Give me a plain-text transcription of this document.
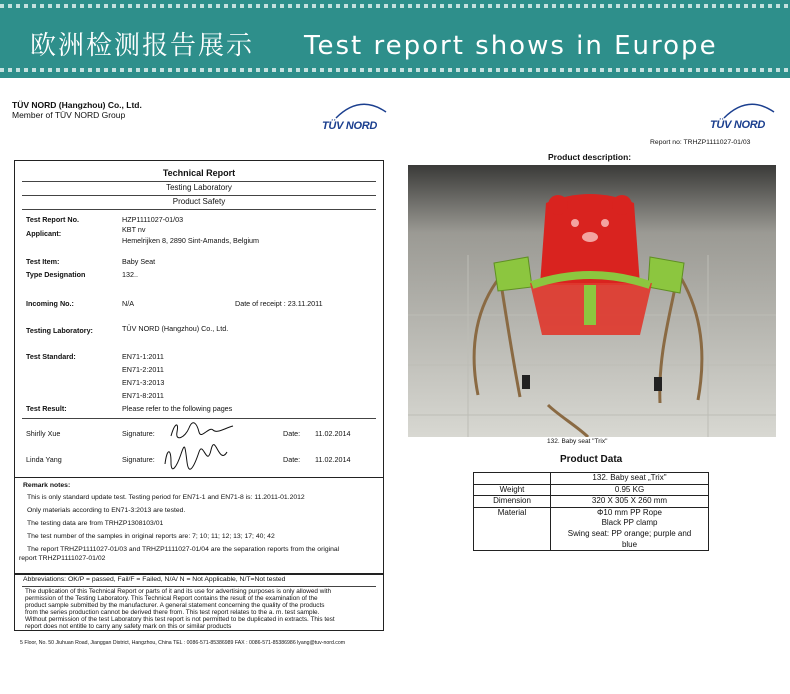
欧洲检测报告展示 Test report shows in Europe
TÜV NORD (Hangzhou) Co., Ltd.
Member of TÜV NORD Group
TÜV NORD	TÜV NORD
Report no: TRHZP1111027-01/03
Product description:
Technical Report
Testing Laboratory
Product Safety
Test Report No.	HZP1111027-01/03
Applicant:	KBT nv
Hemelrijken 8, 2890 Sint-Amands, Belgium
Test Item:	Baby Seat
Type Designation	132..
Incoming No.:	N/A	Date of receipt : 23.11.2011
Testing Laboratory:	TÜV NORD (Hangzhou) Co., Ltd.
Test Standard:	EN71-1:2011
EN71-2:2011
EN71-3:2013
EN71-8:2011
Test Result:	Please refer to the following pages
Shirlly Xue	Signature:	Date: 11.02.2014
Linda Yang	Signature:	Date: 11.02.2014
Remark notes:
This is only standard update test. Testing period for EN71-1 and EN71-8 is: 11.2011-01.2012
Only materials according to EN71-3:2013 are tested.
The testing data are from TRHZP1308103/01
The test number of the samples in original reports are: 7; 10; 11; 12; 13; 17; 40; 42
The report TRHZP1111027-01/03 and TRHZP1111027-01/04 are the separation reports from the original
report TRHZP1111027-01/02
Abbreviations: OK/P = passed, Fail/F = Failed, N/A/ N = Not Applicable, N/T=Not tested
The duplication of this Technical Report or parts of it and its use for advertising purposes is only allowed with
permission of the Testing Laboratory. This Technical Report contains the result of the examination of the
product sample submitted by the manufacturer. A general statement concerning the quality of the products
from the series production cannot be derived there from. This test report relates to the a. m. test sample.
Without permission of the test Laboratory this test report is not permitted to be duplicated in extracts. This test
report does not entitle to carry any safety mark on this or similar products
5 Floor, No. 50 Jiuhuan Road, Jianggan District, Hangzhou, China TEL : 0086-571-85386989 FAX : 0086-571-85386986 lyang@tuv-nord.com
132. Baby seat "Trix"
Product Data
	132. Baby seat „Trix"
Weight	0.95 KG
Dimension	320 X 305 X 260 mm
Material	Φ10 mm PP Rope
Black PP clamp
Swing seat: PP orange; purple and
blue
